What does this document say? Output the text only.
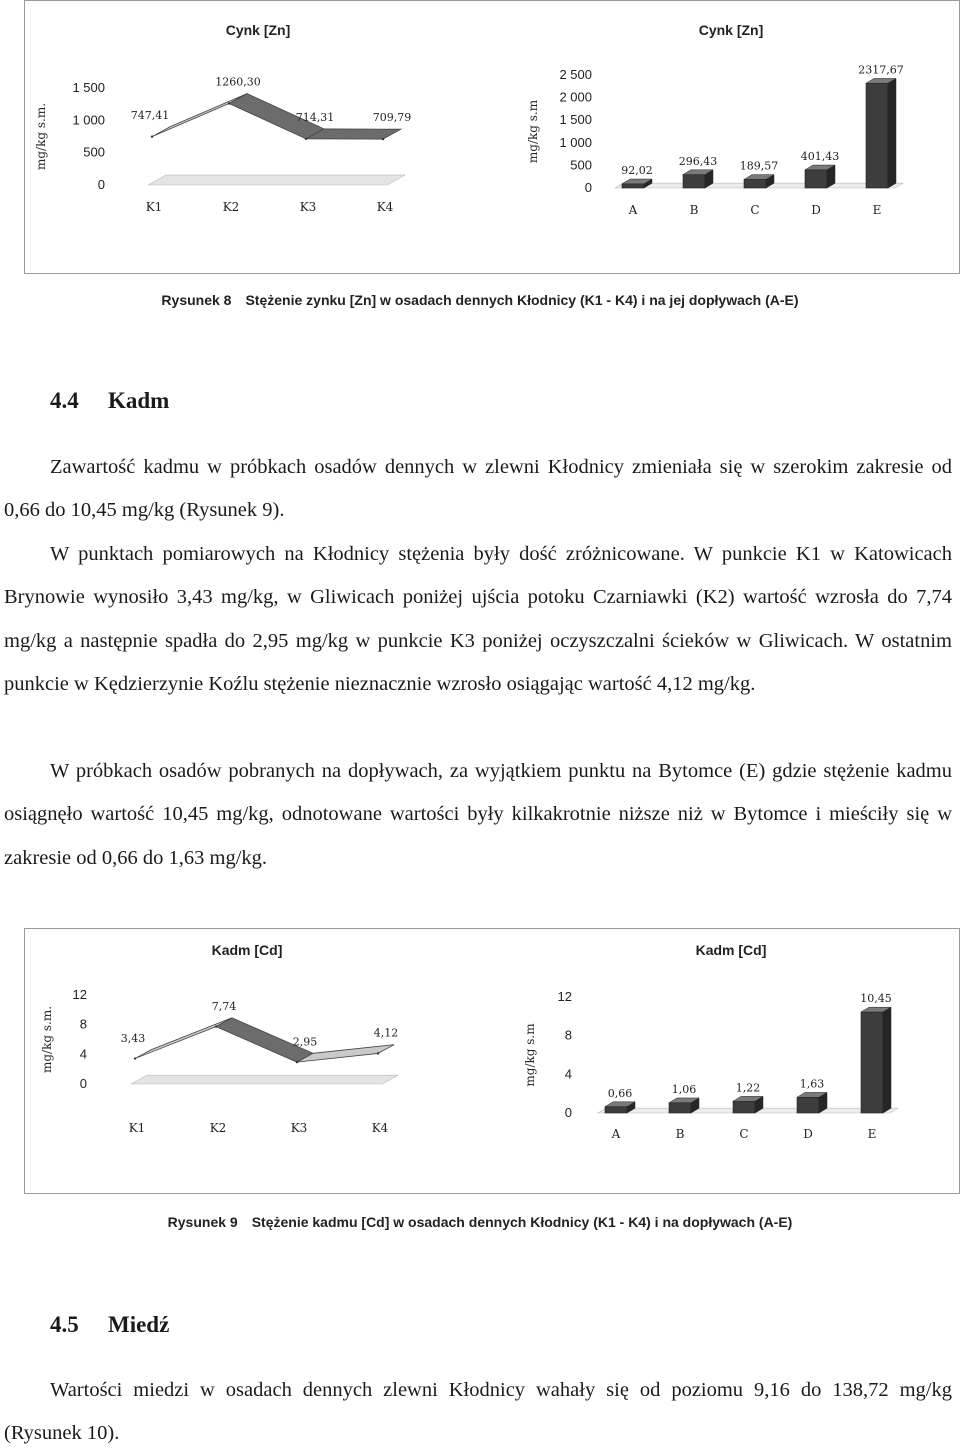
Cynk [Zn]
mg/kg s.m.
0
500
1 000
1 500
747,41
K1
1260,30
K2
714,31
K3
709,79
K4
Cynk [Zn]
mg/kg s.m
0
500
1 000
1 500
2 000
2 500
92,02
A
296,43
B
189,57
C
401,43
D
2317,67
E
Rysunek 8 Stężenie zynku [Zn] w osadach dennych Kłodnicy (K1 - K4) i na jej dopływach (A-E)
4.4 Kadm

Zawartość kadmu w próbkach osadów dennych w zlewni Kłodnicy zmieniała się w szerokim zakresie od 0,66 do 10,45 mg/kg (Rysunek 9).

W punktach pomiarowych na Kłodnicy stężenia były dość zróżnicowane. W punkcie K1 w Katowicach Brynowie wynosiło 3,43 mg/kg, w Gliwicach poniżej ujścia potoku Czarniawki (K2) wartość wzrosła do 7,74 mg/kg a następnie spadła do 2,95 mg/kg w punkcie K3 poniżej oczyszczalni ścieków w Gliwicach. W ostatnim punkcie w Kędzierzynie Koźlu stężenie nieznacznie wzrosło osiągając wartość 4,12 mg/kg.

W próbkach osadów pobranych na dopływach, za wyjątkiem punktu na Bytomce (E) gdzie stężenie kadmu osiągnęło wartość 10,45 mg/kg, odnotowane wartości były kilkakrotnie niższe niż w Bytomce i mieściły się w zakresie od 0,66 do 1,63 mg/kg.

Kadm [Cd]
mg/kg s.m.
0
4
8
12
3,43
K1
7,74
K2
2,95
K3
4,12
K4
Kadm [Cd]
mg/kg s.m
0
4
8
12
0,66
A
1,06
B
1,22
C
1,63
D
10,45
E
Rysunek 9 Stężenie kadmu [Cd] w osadach dennych Kłodnicy (K1 - K4) i na dopływach (A-E)
4.5 Miedź

Wartości miedzi w osadach dennych zlewni Kłodnicy wahały się od poziomu 9,16 do 138,72 mg/kg (Rysunek 10).
